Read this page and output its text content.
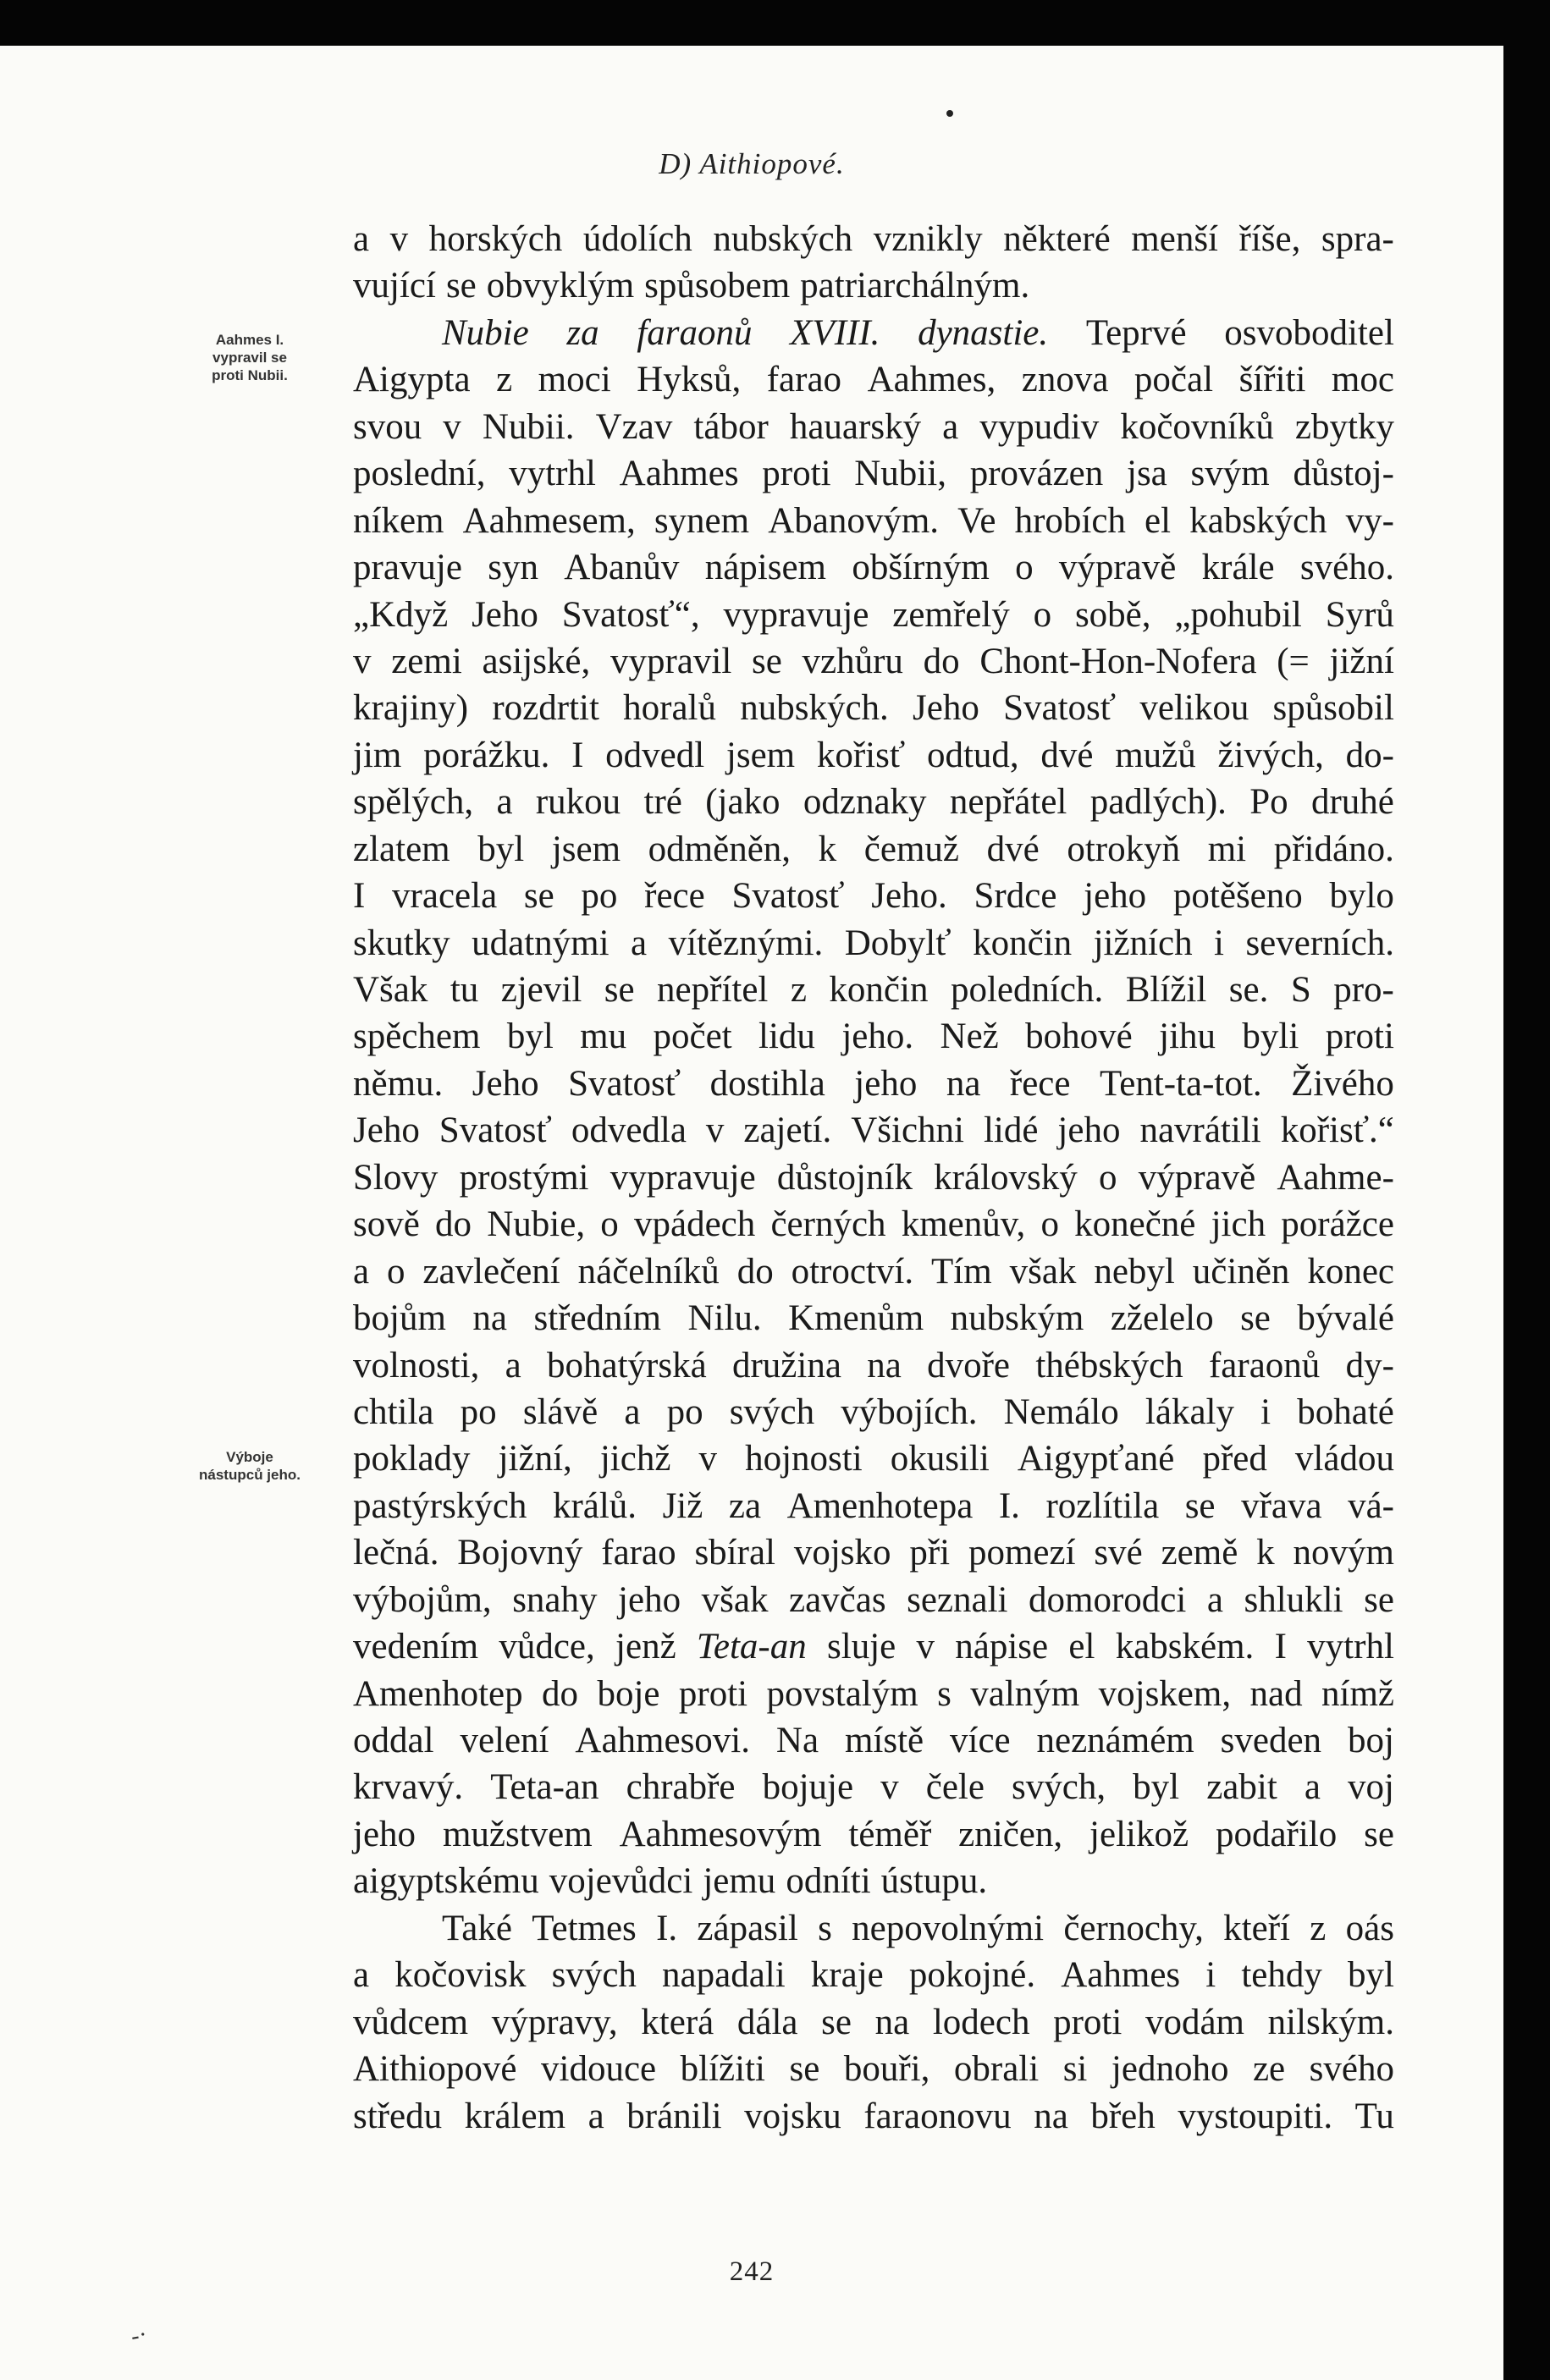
D) Aithiopové.
Aahmes I.
vypravil se
proti Nubii.
Výboje
nástupců jeho.
a v horských údolích nubských vznikly některé menší říše, spra-
vující se obvyklým spůsobem patriarchálným.
Nubie za faraonů XVIII. dynastie. Teprvé osvoboditel
Aigypta z moci Hyksů, farao Aahmes, znova počal šířiti moc
svou v Nubii. Vzav tábor hauarský a vypudiv kočovníků zbytky
poslední, vytrhl Aahmes proti Nubii, provázen jsa svým důstoj-
níkem Aahmesem, synem Abanovým. Ve hrobích el kabských vy-
pravuje syn Abanův nápisem obšírným o výpravě krále svého.
„Když Jeho Svatosť“, vypravuje zemřelý o sobě, „pohubil Syrů
v zemi asijské, vypravil se vzhůru do Chont-Hon-Nofera (= jižní
krajiny) rozdrtit horalů nubských. Jeho Svatosť velikou spůsobil
jim porážku. I odvedl jsem kořisť odtud, dvé mužů živých, do-
spělých, a rukou tré (jako odznaky nepřátel padlých). Po druhé
zlatem byl jsem odměněn, k čemuž dvé otrokyň mi přidáno.
I vracela se po řece Svatosť Jeho. Srdce jeho potěšeno bylo
skutky udatnými a vítěznými. Dobylť končin jižních i severních.
Však tu zjevil se nepřítel z končin poledních. Blížil se. S pro-
spěchem byl mu počet lidu jeho. Než bohové jihu byli proti
němu. Jeho Svatosť dostihla jeho na řece Tent-ta-tot. Živého
Jeho Svatosť odvedla v zajetí. Všichni lidé jeho navrátili kořisť.“
Slovy prostými vypravuje důstojník královský o výpravě Aahme-
sově do Nubie, o vpádech černých kmenův, o konečné jich porážce
a o zavlečení náčelníků do otroctví. Tím však nebyl učiněn konec
bojům na středním Nilu. Kmenům nubským zželelo se bývalé
volnosti, a bohatýrská družina na dvoře thébských faraonů dy-
chtila po slávě a po svých výbojích. Nemálo lákaly i bohaté
poklady jižní, jichž v hojnosti okusili Aigypťané před vládou
pastýrských králů. Již za Amenhotepa I. rozlítila se vřava vá-
lečná. Bojovný farao sbíral vojsko při pomezí své země k novým
výbojům, snahy jeho však zavčas seznali domorodci a shlukli se
vedením vůdce, jenž Teta-an sluje v nápise el kabském. I vytrhl
Amenhotep do boje proti povstalým s valným vojskem, nad nímž
oddal velení Aahmesovi. Na místě více neznámém sveden boj
krvavý. Teta-an chrabře bojuje v čele svých, byl zabit a voj
jeho mužstvem Aahmesovým téměř zničen, jelikož podařilo se
aigyptskému vojevůdci jemu odníti ústupu.
Také Tetmes I. zápasil s nepovolnými černochy, kteří z oás
a kočovisk svých napadali kraje pokojné. Aahmes i tehdy byl
vůdcem výpravy, která dála se na lodech proti vodám nilským.
Aithiopové vidouce blížiti se bouři, obrali si jednoho ze svého
středu králem a bránili vojsku faraonovu na břeh vystoupiti. Tu
242
-·
